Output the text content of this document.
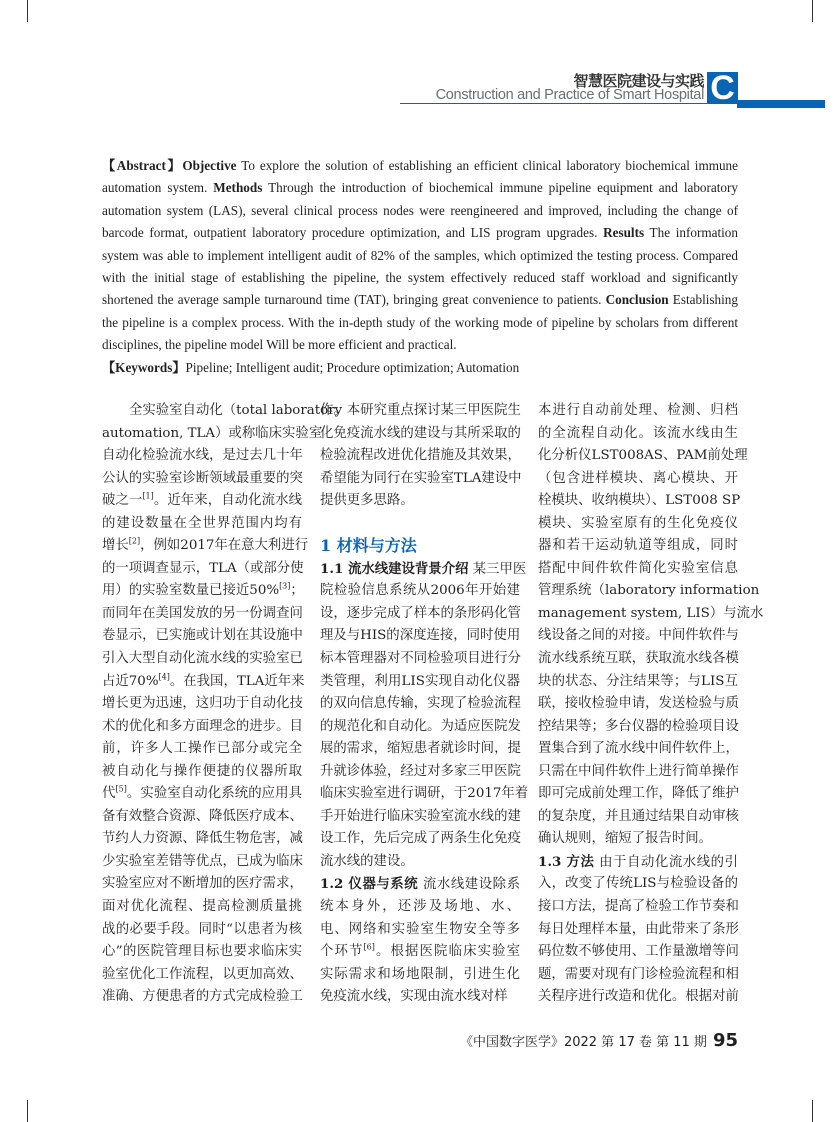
智慧医院建设与实践
Construction and Practice of Smart Hospital C
【Abstract】Objective To explore the solution of establishing an efficient clinical laboratory biochemical immune
automation system. Methods Through the introduction of biochemical immune pipeline equipment and laboratory
automation system (LAS), several clinical process nodes were reengineered and improved, including the change of
barcode format, outpatient laboratory procedure optimization, and LIS program upgrades. Results The information
system was able to implement intelligent audit of 82% of the samples, which optimized the testing process. Compared
with the initial stage of establishing the pipeline, the system effectively reduced staff workload and significantly
shortened the average sample turnaround time (TAT), bringing great convenience to patients. Conclusion Establishing
the pipeline is a complex process. With the in-depth study of the working mode of pipeline by scholars from different
disciplines, the pipeline model Will be more efficient and practical.
【Keywords】Pipeline; Intelligent audit; Procedure optimization; Automation
全实验室自动化（total laboratory
automation, TLA）或称临床实验室
自动化检验流水线，是过去几十年
公认的实验室诊断领域最重要的突
破之一[1]。近年来，自动化流水线
的建设数量在全世界范围内均有
增长[2]，例如2017年在意大利进行
的一项调查显示，TLA（或部分使
用）的实验室数量已接近50%[3]；
而同年在美国发放的另一份调查问
卷显示，已实施或计划在其设施中
引入大型自动化流水线的实验室已
占近70%[4]。在我国，TLA近年来
增长更为迅速，这归功于自动化技
术的优化和多方面理念的进步。目
前，许多人工操作已部分或完全
被自动化与操作便捷的仪器所取
代[5]。实验室自动化系统的应用具
备有效整合资源、降低医疗成本、
节约人力资源、降低生物危害，减
少实验室差错等优点，已成为临床
实验室应对不断增加的医疗需求，
面对优化流程、提高检测质量挑
战的必要手段。同时“以患者为核
心”的医院管理目标也要求临床实
验室优化工作流程，以更加高效、
准确、方便患者的方式完成检验工
作。本研究重点探讨某三甲医院生
化免疫流水线的建设与其所采取的
检验流程改进优化措施及其效果，
希望能为同行在实验室TLA建设中
提供更多思路。
1 材料与方法
1.1 流水线建设背景介绍 某三甲医
院检验信息系统从2006年开始建
设，逐步完成了样本的条形码化管
理及与HIS的深度连接，同时使用
标本管理器对不同检验项目进行分
类管理，利用LIS实现自动化仪器
的双向信息传输，实现了检验流程
的规范化和自动化。为适应医院发
展的需求，缩短患者就诊时间，提
升就诊体验，经过对多家三甲医院
临床实验室进行调研，于2017年着
手开始进行临床实验室流水线的建
设工作，先后完成了两条生化免疫
流水线的建设。
1.2 仪器与系统 流水线建设除系
统本身外，还涉及场地、水、
电、网络和实验室生物安全等多
个环节[6]。根据医院临床实验室
实际需求和场地限制，引进生化
免疫流水线，实现由流水线对样
本进行自动前处理、检测、归档
的全流程自动化。该流水线由生
化分析仪LST008AS、PAM前处理
（包含进样模块、离心模块、开
栓模块、收纳模块）、LST008 SP
模块、实验室原有的生化免疫仪
器和若干运动轨道等组成，同时
搭配中间件软件简化实验室信息
管理系统（laboratory information
management system, LIS）与流水
线设备之间的对接。中间件软件与
流水线系统互联，获取流水线各模
块的状态、分注结果等；与LIS互
联，接收检验申请，发送检验与质
控结果等；多台仪器的检验项目设
置集合到了流水线中间件软件上，
只需在中间件软件上进行简单操作
即可完成前处理工作，降低了维护
的复杂度，并且通过结果自动审核
确认规则，缩短了报告时间。
1.3 方法 由于自动化流水线的引
入，改变了传统LIS与检验设备的
接口方法，提高了检验工作节奏和
每日处理样本量，由此带来了条形
码位数不够使用、工作量激增等问
题，需要对现有门诊检验流程和相
关程序进行改造和优化。根据对前
《中国数字医学》2022 第 17 卷 第 11 期 95
